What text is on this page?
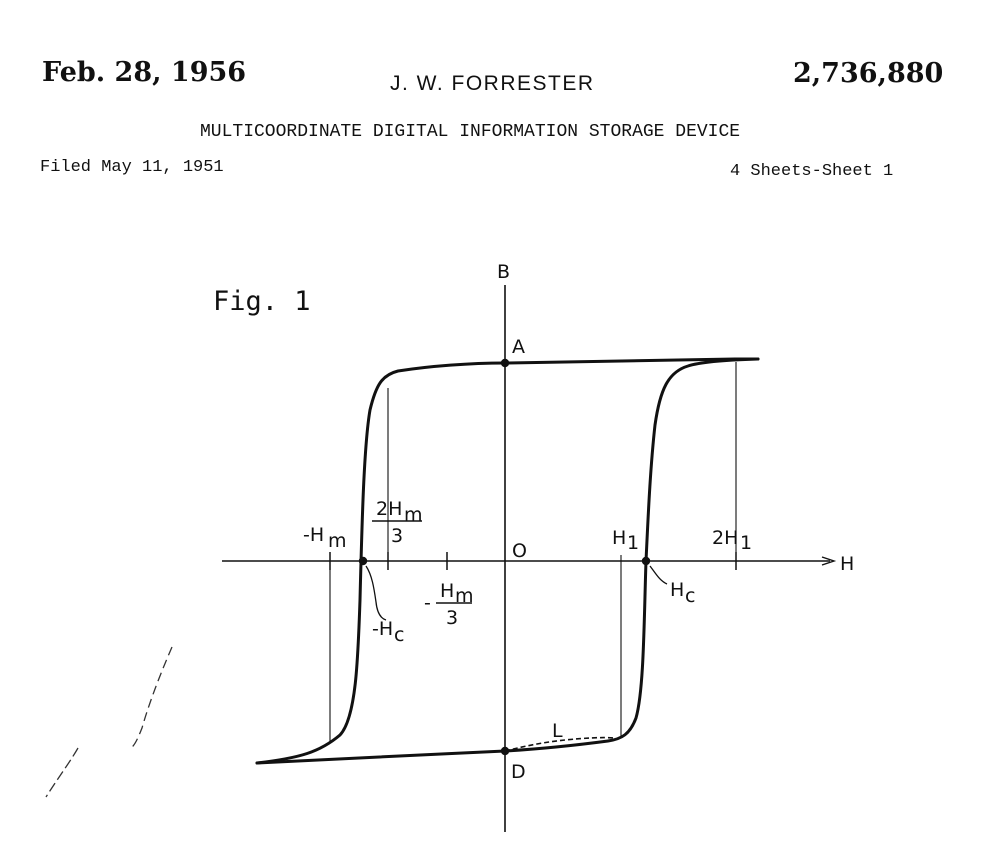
Feb. 28, 1956	J. W. FORRESTER	2,736,880
MULTICOORDINATE DIGITAL INFORMATION STORAGE DEVICE
Filed May 11, 1951	4 Sheets-Sheet 1
Fig. 1
B
H
O
A
D
L
H 1	2H 1
H c
-H c
-H m
2H m
3
-
H m
3
